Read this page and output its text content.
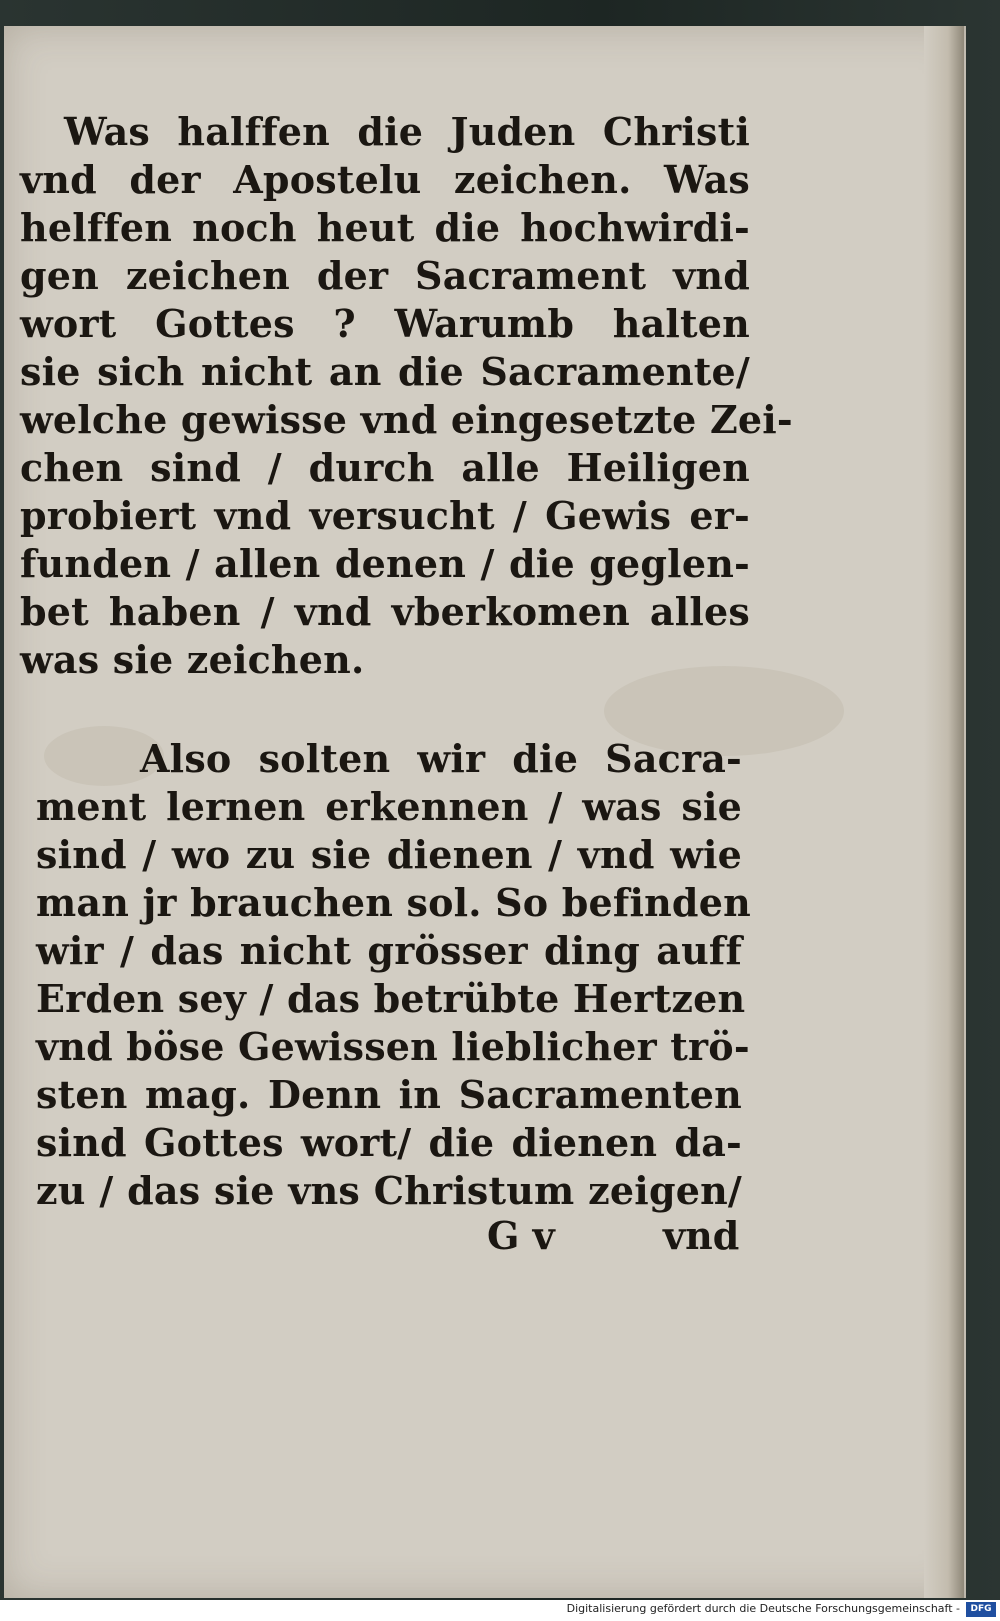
Was halffen die Juden Christi
vnd der Apostelu zeichen. Was
helffen noch heut die hochwirdi-
gen zeichen der Sacrament vnd
wort Gottes ? Warumb halten
sie sich nicht an die Sacramente/
welche gewisse vnd eingesetzte Zei-
chen sind / durch alle Heiligen
probiert vnd versucht / Gewis er-
funden / allen denen / die geglen-
bet haben / vnd vberkomen alles
was sie zeichen.
Also solten wir die Sacra-
ment lernen erkennen / was sie
sind / wo zu sie dienen / vnd wie
man jr brauchen sol. So befinden
wir / das nicht grösser ding auff
Erden sey / das betrübte Hertzen
vnd böse Gewissen lieblicher trö-
sten mag. Denn in Sacramenten
sind Gottes wort/ die dienen da-
zu / das sie vns Christum zeigen/
G v	vnd
Digitalisierung gefördert durch die Deutsche Forschungsgemeinschaft -	DFG
